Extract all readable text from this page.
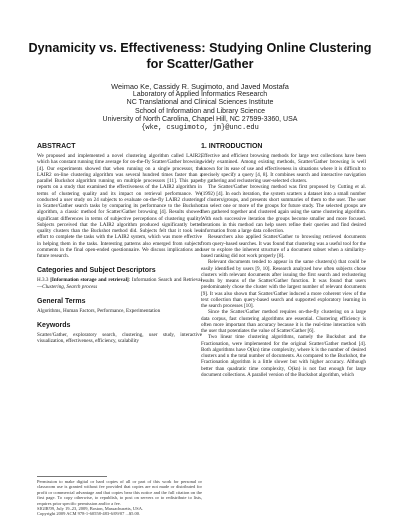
Dynamicity vs. Effectiveness: Studying Online Clustering for Scatter/Gather
Weimao Ke, Cassidy R. Sugimoto, and Javed Mostafa
Laboratory of Applied Informatics Research
NC Translational and Clinical Sciences Institute
School of Information and Library Science
University of North Carolina, Chapel Hill, NC 27599-3360, USA
{wke, csugimoto, jm}@unc.edu
ABSTRACT

We proposed and implemented a novel clustering algorithm called LAIR2, which has constant running time average for on-the-fly Scatter/Gather browsing [4]. Our experiments showed that when running on a single processor, the LAIR2 on-line clustering algorithm was several hundred times faster than a parallel Buckshot algorithm running on multiple processors [11]. This paper reports on a study that examined the effectiveness of the LAIR2 algorithm in terms of clustering quality and its impact on retrieval performance. We conducted a user study on 24 subjects to evaluate on-the-fly LAIR2 clustering in Scatter/Gather search tasks by comparing its performance to the Buckshot algorithm, a classic method for Scatter/Gather browsing [4]. Results showed significant differences in terms of subjective perceptions of clustering quality. Subjects perceived that the LAIR2 algorithm produced significantly better quality clusters than the Buckshot method did. Subjects felt that it took less effort to complete the tasks with the LAIR2 system, which was more effective in helping them in the tasks. Interesting patterns also emerged from subjects' comments in the final open-ended questionnaire. We discuss implications and future research.

Categories and Subject Descriptors

H.3.3 [Information storage and retrieval]: Information Search and Retrieval—Clustering, Search process

General Terms

Algorithms, Human Factors, Performance, Experimentation

Keywords

Scatter/Gather, exploratory search, clustering, user study, interactive visualization, effectiveness, efficiency, scalability

Permission to make digital or hard copies of all or part of this work for personal or classroom use is granted without fee provided that copies are not made or distributed for profit or commercial advantage and that copies bear this notice and the full citation on the first page. To copy otherwise, to republish, to post on servers or to redistribute to lists, requires prior specific permission and/or a fee.
SIGIR'09, July 19–23, 2009, Boston, Massachusetts, USA.
Copyright 2009 ACM 978-1-60558-483-6/09/07 ...$5.00.
1. INTRODUCTION

Effective and efficient browsing methods for large text collections have been widely examined. Among existing methods, Scatter/Gather browsing is well known for its ease of use and effectiveness in situations where it is difficult to precisely specify a query [4, 8]. It combines search and interactive navigation by gathering and reclustering user-selected clusters.

The Scatter/Gather browsing method was first proposed by Cutting et al. (1992) [4]. In each iteration, the system scatters a dataset into a small number of clusters/groups, and presents short summaries of them to the user. The user can select one or more of the groups for future study. The selected groups are then gathered together and clustered again using the same clustering algorithm. With each successive iteration the groups become smaller and more focused. Iterations in this method can help users refine their queries and find desired information from a large data collection.

Researchers also applied Scatter/Gather to browsing retrieved documents from query-based searches. It was found that clustering was a useful tool for the user to explore the inherent structure of a document subset when a similarity-based ranking did not work properly [8].

Relevant documents tended to appear in the same clusters(s) that could be easily identified by users [9, 10]. Research analyzed how often subjects chose clusters with relevant documents after issuing the first search and reclustering results by means of the Scatter/Gather function. It was found that users predominately chose the cluster with the largest number of relevant documents [9]. It was also shown that Scatter/Gather induced a more coherent view of the text collection than query-based search and supported exploratory learning in the search processes [10].

Since the Scatter/Gather method requires on-the-fly clustering on a large data corpus, fast clustering algorithms are essential. Clustering efficiency is often more important than accuracy because it is the real-time interaction with the user that potentiates the value of Scatter/Gather [6].

Two linear time clustering algorithms, namely the Buckshot and the Fractionation, were implemented for the original Scatter/Gather method [4]. Both algorithms have O(kn) time complexity, where k is the number of desired clusters and n the total number of documents. As compared to the Buckshot, the Fractionation algorithm is a little slower but with higher accuracy. Although better than quadratic time complexity, O(kn) is not fast enough for large document collections. A parallel version of the Buckshot algorithm, which
